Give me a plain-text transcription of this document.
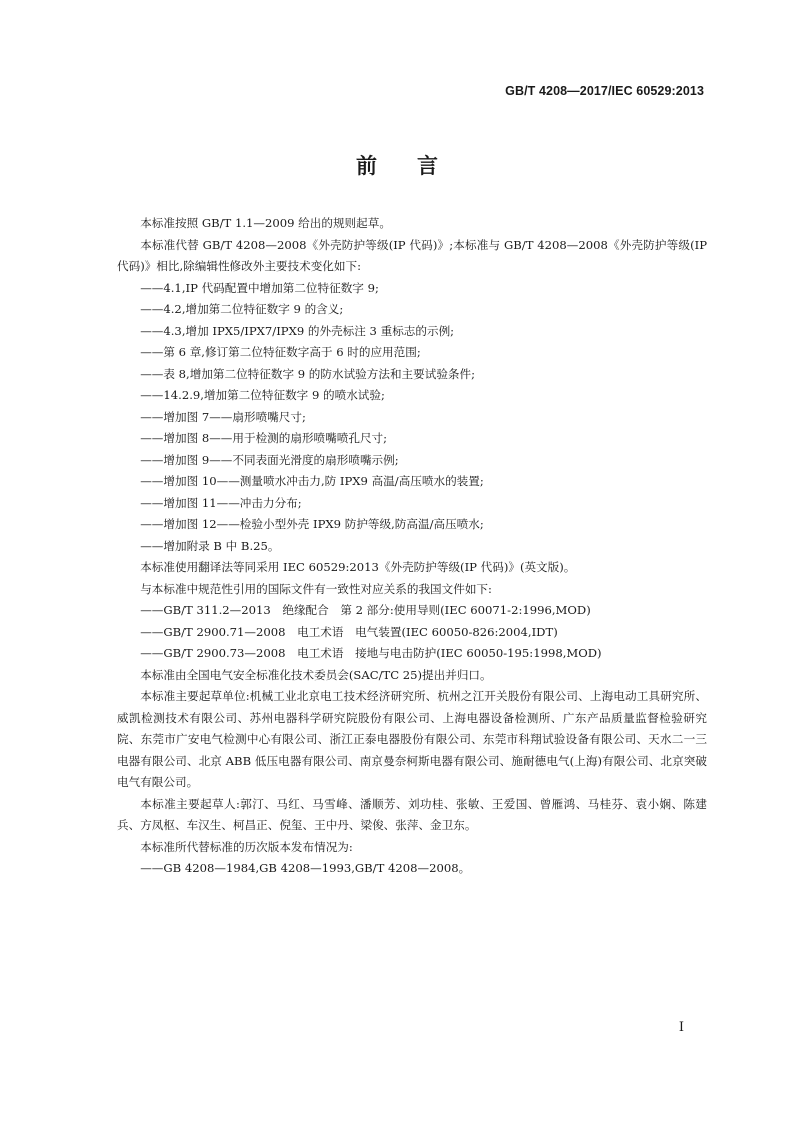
GB/T 4208—2017/IEC 60529:2013
前 言

本标准按照 GB/T 1.1—2009 给出的规则起草。

本标准代替 GB/T 4208—2008《外壳防护等级(IP 代码)》;本标准与 GB/T 4208—2008《外壳防护等级(IP 代码)》相比,除编辑性修改外主要技术变化如下:

——4.1,IP 代码配置中增加第二位特征数字 9;

——4.2,增加第二位特征数字 9 的含义;

——4.3,增加 IPX5/IPX7/IPX9 的外壳标注 3 重标志的示例;

——第 6 章,修订第二位特征数字高于 6 时的应用范围;

——表 8,增加第二位特征数字 9 的防水试验方法和主要试验条件;

——14.2.9,增加第二位特征数字 9 的喷水试验;

——增加图 7——扇形喷嘴尺寸;

——增加图 8——用于检测的扇形喷嘴喷孔尺寸;

——增加图 9——不同表面光滑度的扇形喷嘴示例;

——增加图 10——测量喷水冲击力,防 IPX9 高温/高压喷水的装置;

——增加图 11——冲击力分布;

——增加图 12——检验小型外壳 IPX9 防护等级,防高温/高压喷水;

——增加附录 B 中 B.25。

本标准使用翻译法等同采用 IEC 60529:2013《外壳防护等级(IP 代码)》(英文版)。

与本标准中规范性引用的国际文件有一致性对应关系的我国文件如下:

——GB/T 311.2—2013　绝缘配合　第 2 部分:使用导则(IEC 60071-2:1996,MOD)

——GB/T 2900.71—2008　电工术语　电气装置(IEC 60050-826:2004,IDT)

——GB/T 2900.73—2008　电工术语　接地与电击防护(IEC 60050-195:1998,MOD)

本标准由全国电气安全标准化技术委员会(SAC/TC 25)提出并归口。

本标准主要起草单位:机械工业北京电工技术经济研究所、杭州之江开关股份有限公司、上海电动工具研究所、威凯检测技术有限公司、苏州电器科学研究院股份有限公司、上海电器设备检测所、广东产品质量监督检验研究院、东莞市广安电气检测中心有限公司、浙江正泰电器股份有限公司、东莞市科翔试验设备有限公司、天水二一三电器有限公司、北京 ABB 低压电器有限公司、南京曼奈柯斯电器有限公司、施耐德电气(上海)有限公司、北京突破电气有限公司。

本标准主要起草人:郭汀、马红、马雪峰、潘顺芳、刘功桂、张敏、王爱国、曾雁鸿、马桂芬、袁小娴、陈建兵、方凤枢、车汉生、柯昌正、倪玺、王中丹、梁俊、张萍、金卫东。

本标准所代替标准的历次版本发布情况为:

——GB 4208—1984,GB 4208—1993,GB/T 4208—2008。

I
